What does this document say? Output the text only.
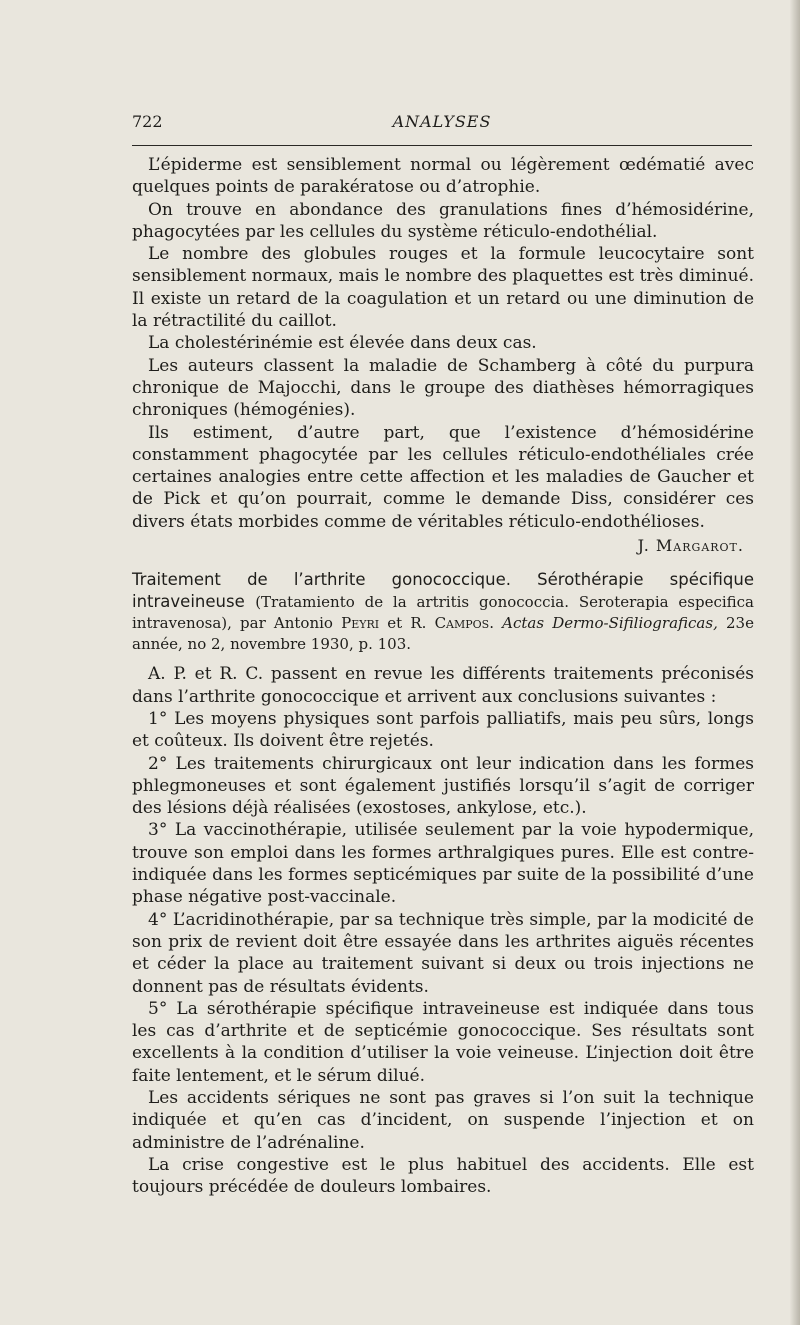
722	ANALYSES

L’épiderme est sensiblement normal ou légèrement œdématié avec quelques points de parakératose ou d’atrophie.

On trouve en abondance des granulations fines d’hémosidérine, phagocytées par les cellules du système réticulo-endothélial.

Le nombre des globules rouges et la formule leucocytaire sont sensiblement normaux, mais le nombre des plaquettes est très diminué. Il existe un retard de la coagulation et un retard ou une diminution de la rétractilité du caillot.

La cholestérinémie est élevée dans deux cas.

Les auteurs classent la maladie de Schamberg à côté du purpura chronique de Majocchi, dans le groupe des diathèses hémorragiques chroniques (hémogénies).

Ils estiment, d’autre part, que l’existence d’hémosidérine constamment phagocytée par les cellules réticulo-endothéliales crée certaines analogies entre cette affection et les maladies de Gaucher et de Pick et qu’on pourrait, comme le demande Diss, considérer ces divers états morbides comme de véritables réticulo-endothélioses.

J. Margarot.
Traitement de l’arthrite gonococcique. Sérothérapie spécifique intraveineuse (Tratamiento de la artritis gonococcia. Seroterapia especifica intravenosa), par Antonio Peyri et R. Campos. Actas Dermo-Sifiliograficas, 23e année, no 2, novembre 1930, p. 103.

A. P. et R. C. passent en revue les différents traitements préconisés dans l’arthrite gonococcique et arrivent aux conclusions suivantes :

1° Les moyens physiques sont parfois palliatifs, mais peu sûrs, longs et coûteux. Ils doivent être rejetés.

2° Les traitements chirurgicaux ont leur indication dans les formes phlegmoneuses et sont également justifiés lorsqu’il s’agit de corriger des lésions déjà réalisées (exostoses, ankylose, etc.).

3° La vaccinothérapie, utilisée seulement par la voie hypodermique, trouve son emploi dans les formes arthralgiques pures. Elle est contre-indiquée dans les formes septicémiques par suite de la possibilité d’une phase négative post-vaccinale.

4° L’acridinothérapie, par sa technique très simple, par la modicité de son prix de revient doit être essayée dans les arthrites aiguës récentes et céder la place au traitement suivant si deux ou trois injections ne donnent pas de résultats évidents.

5° La sérothérapie spécifique intraveineuse est indiquée dans tous les cas d’arthrite et de septicémie gonococcique. Ses résultats sont excellents à la condition d’utiliser la voie veineuse. L’injection doit être faite lentement, et le sérum dilué.

Les accidents sériques ne sont pas graves si l’on suit la technique indiquée et qu’en cas d’incident, on suspende l’injection et on administre de l’adrénaline.

La crise congestive est le plus habituel des accidents. Elle est toujours précédée de douleurs lombaires.
